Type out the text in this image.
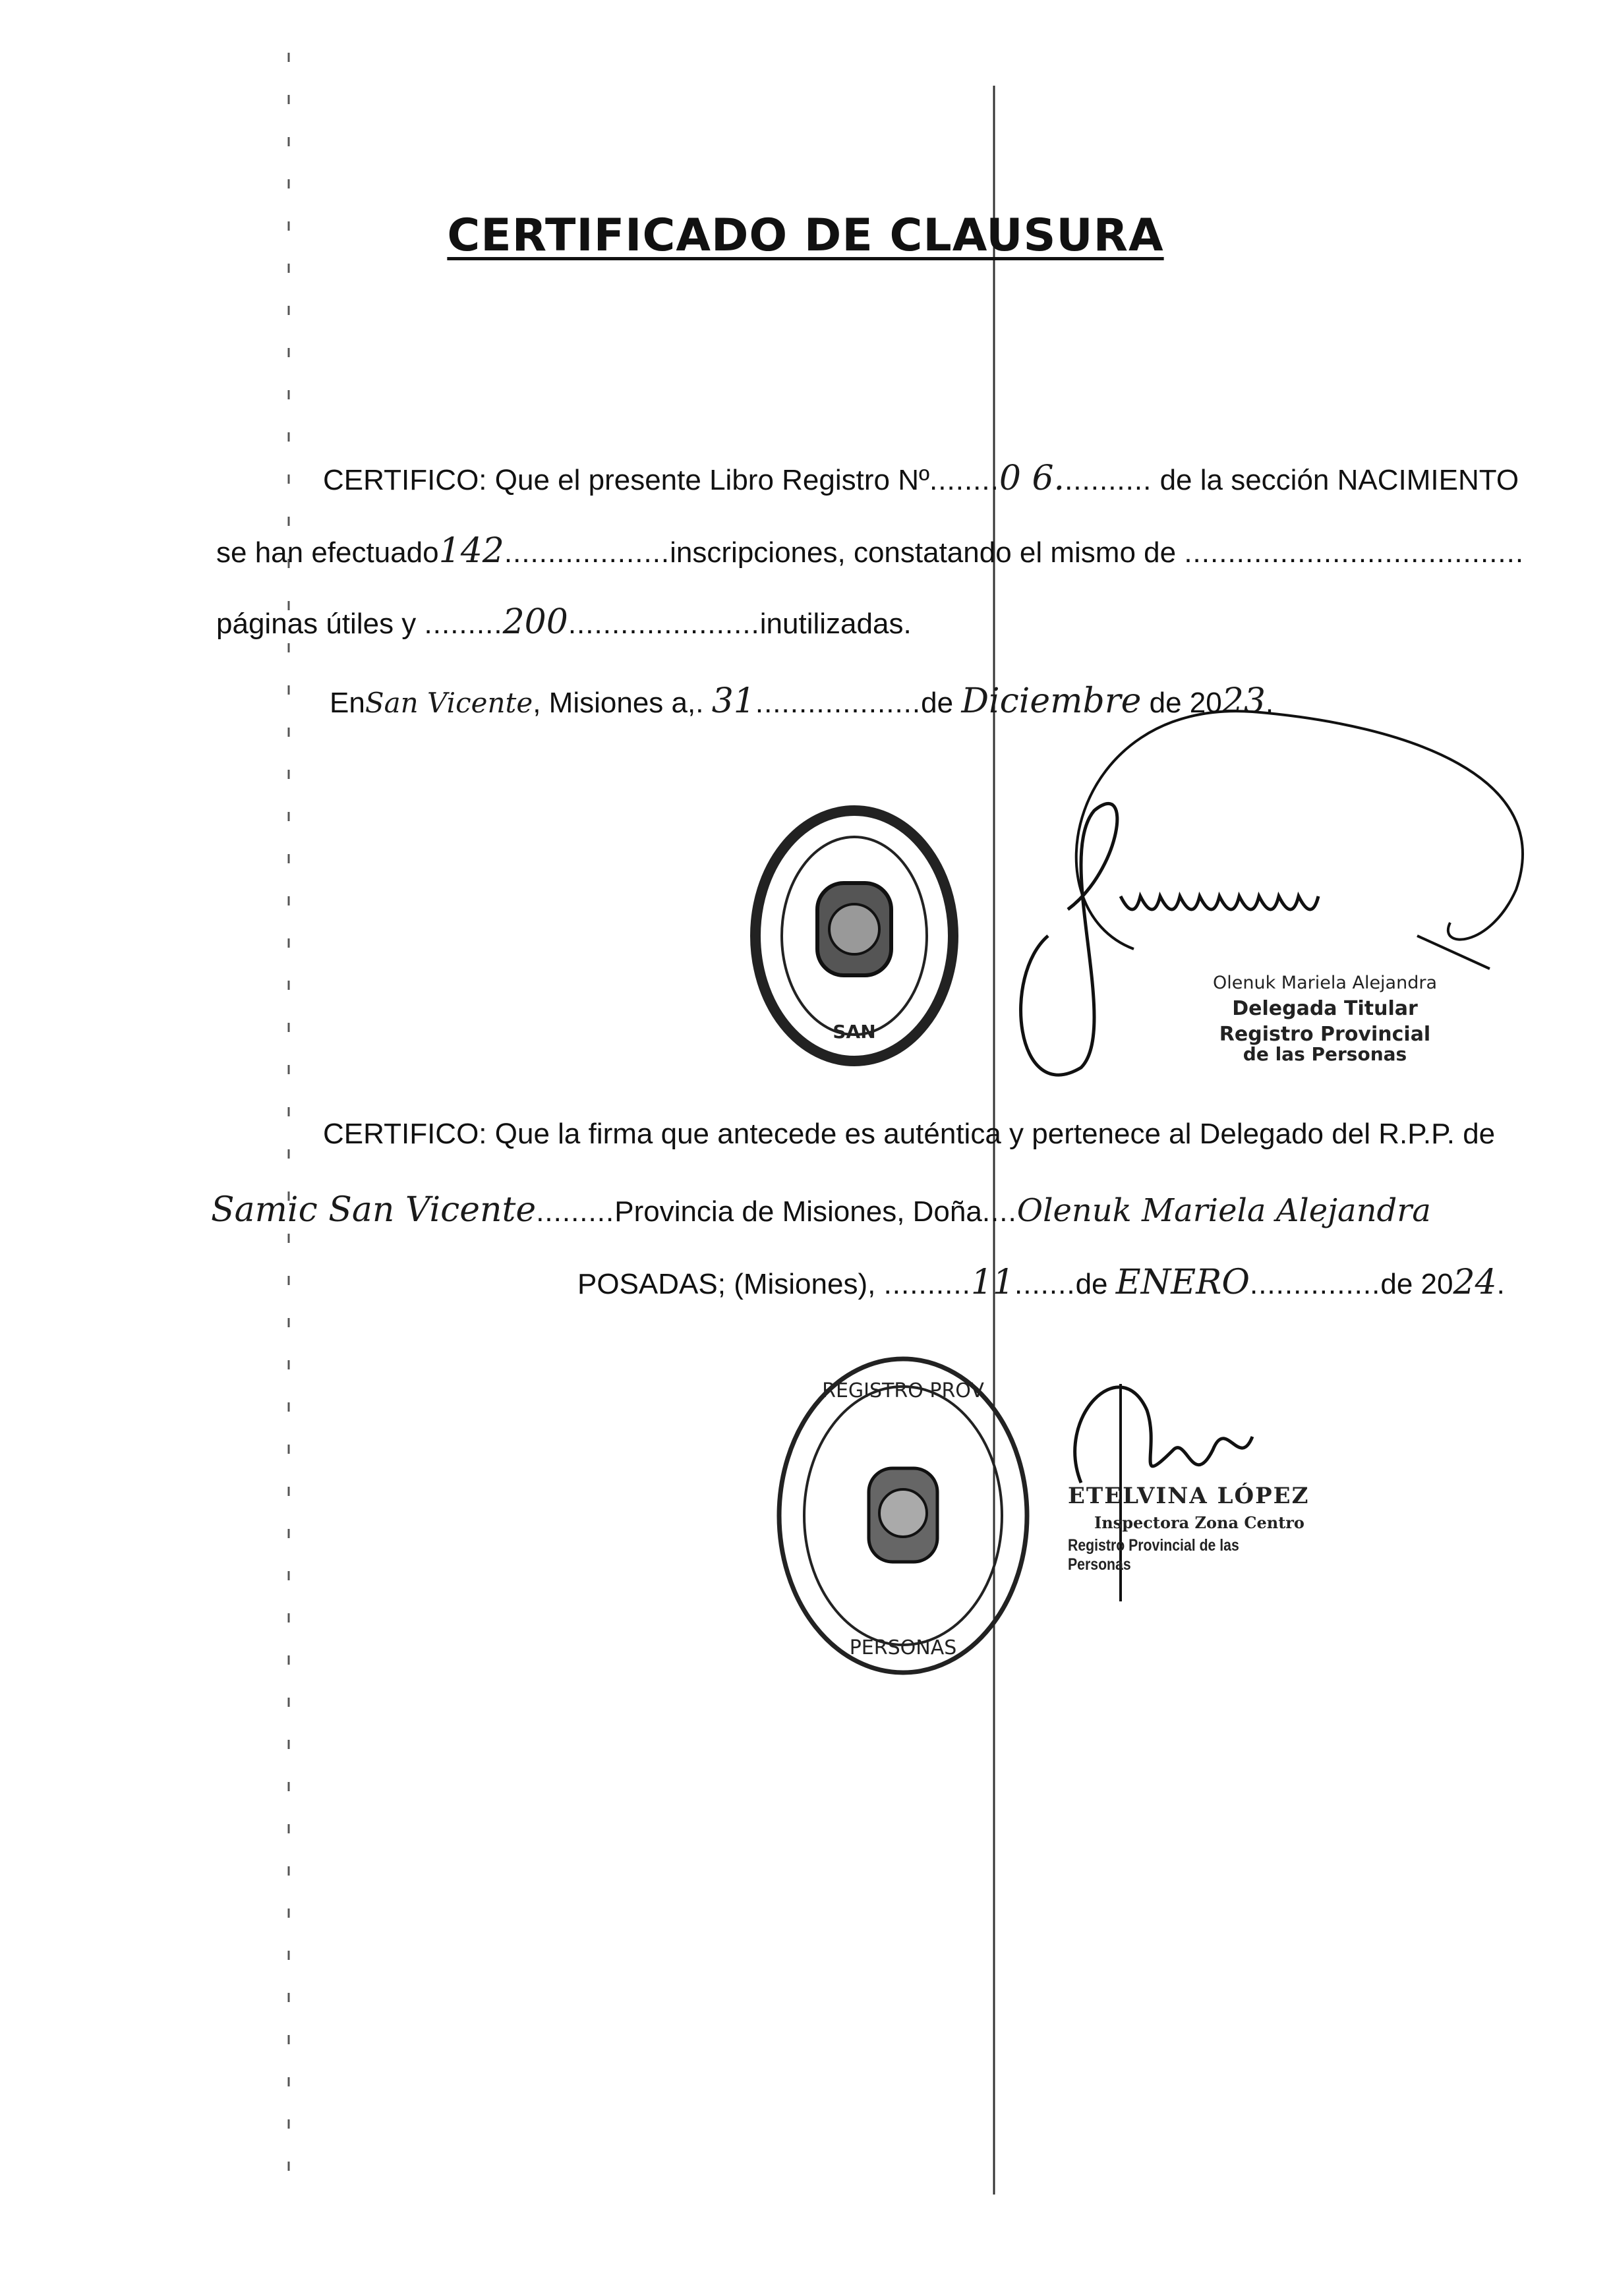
CERTIFICADO DE CLAUSURA
CERTIFICO: Que el presente Libro Registro Nº........0 6........... de la sección NACIMIENTO
se han efectuado142...................inscripciones, constatando el mismo de .......................................
páginas útiles y .........200......................inutilizadas.
EnSan Vicente, Misiones a,. 31...................de Diciembre de 2023.
SAN
Olenuk Mariela Alejandra
Delegada Titular
Registro Provincial
de las Personas
CERTIFICO: Que la firma que antecede es auténtica y pertenece al Delegado del R.P.P. de
Samic San Vicente.........Provincia de Misiones, Doña....Olenuk Mariela Alejandra
POSADAS; (Misiones), ..........11.......de ENERO...............de 2024.
REGISTRO PROV
PERSONAS
ETELVINA LÓPEZ
Inspectora Zona Centro
Registro Provincial de las Personas
